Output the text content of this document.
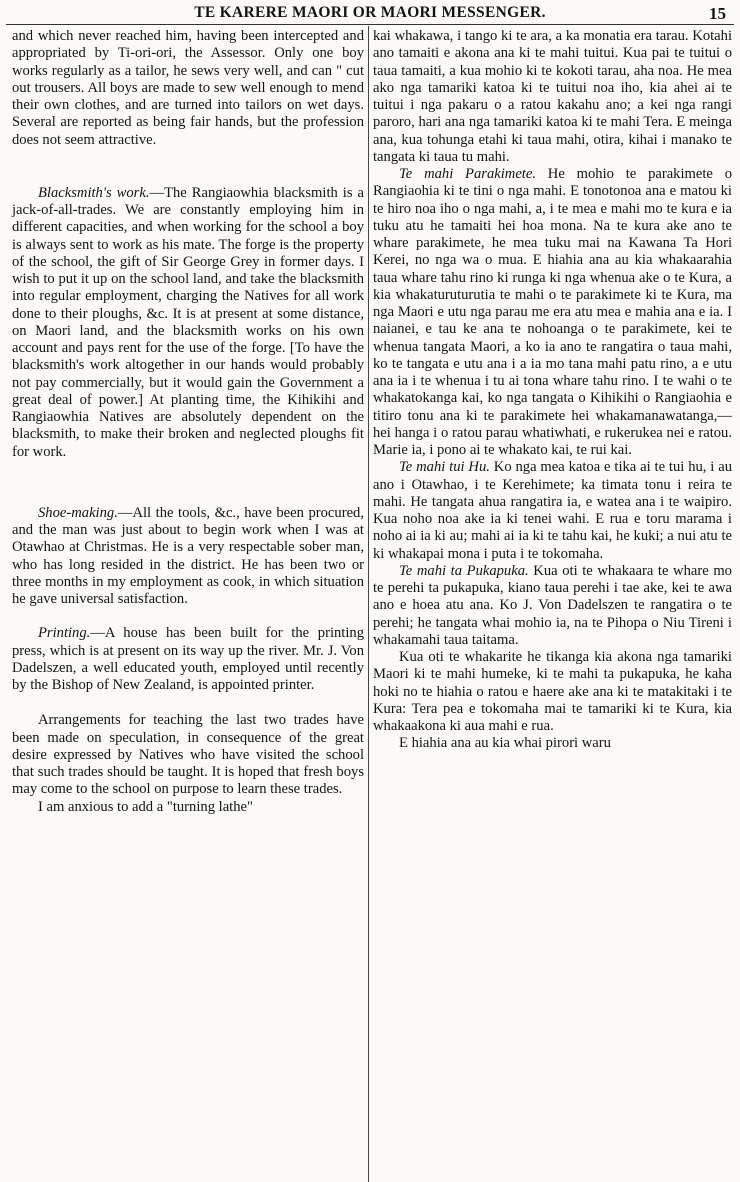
TE KARERE MAORI OR MAORI MESSENGER.	15

and which never reached him, having been intercepted and appropriated by Ti-ori-ori, the Assessor. Only one boy works regularly as a tailor, he sews very well, and can " cut out trousers. All boys are made to sew well enough to mend their own clothes, and are turned into tailors on wet days. Several are reported as being fair hands, but the profession does not seem attractive.

Blacksmith's work.—The Rangiaowhia blacksmith is a jack-of-all-trades. We are constantly employing him in different capacities, and when working for the school a boy is always sent to work as his mate. The forge is the property of the school, the gift of Sir George Grey in former days. I wish to put it up on the school land, and take the blacksmith into regular employment, charging the Natives for all work done to their ploughs, &c. It is at present at some distance, on Maori land, and the blacksmith works on his own account and pays rent for the use of the forge. [To have the blacksmith's work altogether in our hands would probably not pay commercially, but it would gain the Government a great deal of power.] At planting time, the Kihikihi and Rangiaowhia Natives are absolutely dependent on the blacksmith, to make their broken and neglected ploughs fit for work.

Shoe-making.—All the tools, &c., have been procured, and the man was just about to begin work when I was at Otawhao at Christmas. He is a very respectable sober man, who has long resided in the district. He has been two or three months in my employment as cook, in which situation he gave universal satisfaction.

Printing.—A house has been built for the printing press, which is at present on its way up the river. Mr. J. Von Dadelszen, a well educated youth, employed until recently by the Bishop of New Zealand, is appointed printer.

Arrangements for teaching the last two trades have been made on speculation, in consequence of the great desire expressed by Natives who have visited the school that such trades should be taught. It is hoped that fresh boys may come to the school on purpose to learn these trades.

I am anxious to add a "turning lathe"

kai whakawa, i tango ki te ara, a ka monatia era tarau. Kotahi ano tamaiti e akona ana ki te mahi tuitui. Kua pai te tuitui o taua tamaiti, a kua mohio ki te kokoti tarau, aha noa. He mea ako nga tamariki katoa ki te tuitui noa iho, kia ahei ai te tuitui i nga pakaru o a ratou kakahu ano; a kei nga rangi paroro, hari ana nga tamariki katoa ki te mahi Tera. E meinga ana, kua tohunga etahi ki taua mahi, otira, kihai i manako te tangata ki taua tu mahi.

Te mahi Parakimete. He mohio te parakimete o Rangiaohia ki te tini o nga mahi. E tonotonoa ana e matou ki te hiro noa iho o nga mahi, a, i te mea e mahi mo te kura e ia tuku atu he tamaiti hei hoa mona. Na te kura ake ano te whare parakimete, he mea tuku mai na Kawana Ta Hori Kerei, no nga wa o mua. E hiahia ana au kia whakaarahia taua whare tahu rino ki runga ki nga whenua ake o te Kura, a kia whakaturuturutia te mahi o te parakimete ki te Kura, ma nga Maori e utu nga parau me era atu mea e mahia ana e ia. I naianei, e tau ke ana te nohoanga o te parakimete, kei te whenua tangata Maori, a ko ia ano te rangatira o taua mahi, ko te tangata e utu ana i a ia mo tana mahi patu rino, a e utu ana ia i te whenua i tu ai tona whare tahu rino. I te wahi o te whakatokanga kai, ko nga tangata o Kihikihi o Rangiaohia e titiro tonu ana ki te parakimete hei whakamanawatanga,—hei hanga i o ratou parau whatiwhati, e rukerukea nei e ratou. Marie ia, i pono ai te whakato kai, te rui kai.

Te mahi tui Hu. Ko nga mea katoa e tika ai te tui hu, i au ano i Otawhao, i te Kerehimete; ka timata tonu i reira te mahi. He tangata ahua rangatira ia, e watea ana i te waipiro. Kua noho noa ake ia ki tenei wahi. E rua e toru marama i noho ai ia ki au; mahi ai ia ki te tahu kai, he kuki; a nui atu te ki whakapai mona i puta i te tokomaha.

Te mahi ta Pukapuka. Kua oti te whakaara te whare mo te perehi ta pukapuka, kiano taua perehi i tae ake, kei te awa ano e hoea atu ana. Ko J. Von Dadelszen te rangatira o te perehi; he tangata whai mohio ia, na te Pihopa o Niu Tireni i whakamahi taua taitama.

Kua oti te whakarite he tikanga kia akona nga tamariki Maori ki te mahi humeke, ki te mahi ta pukapuka, he kaha hoki no te hiahia o ratou e haere ake ana ki te matakitaki i te Kura: Tera pea e tokomaha mai te tamariki ki te Kura, kia whakaakona ki aua mahi e rua.

E hiahia ana au kia whai pirori waru
